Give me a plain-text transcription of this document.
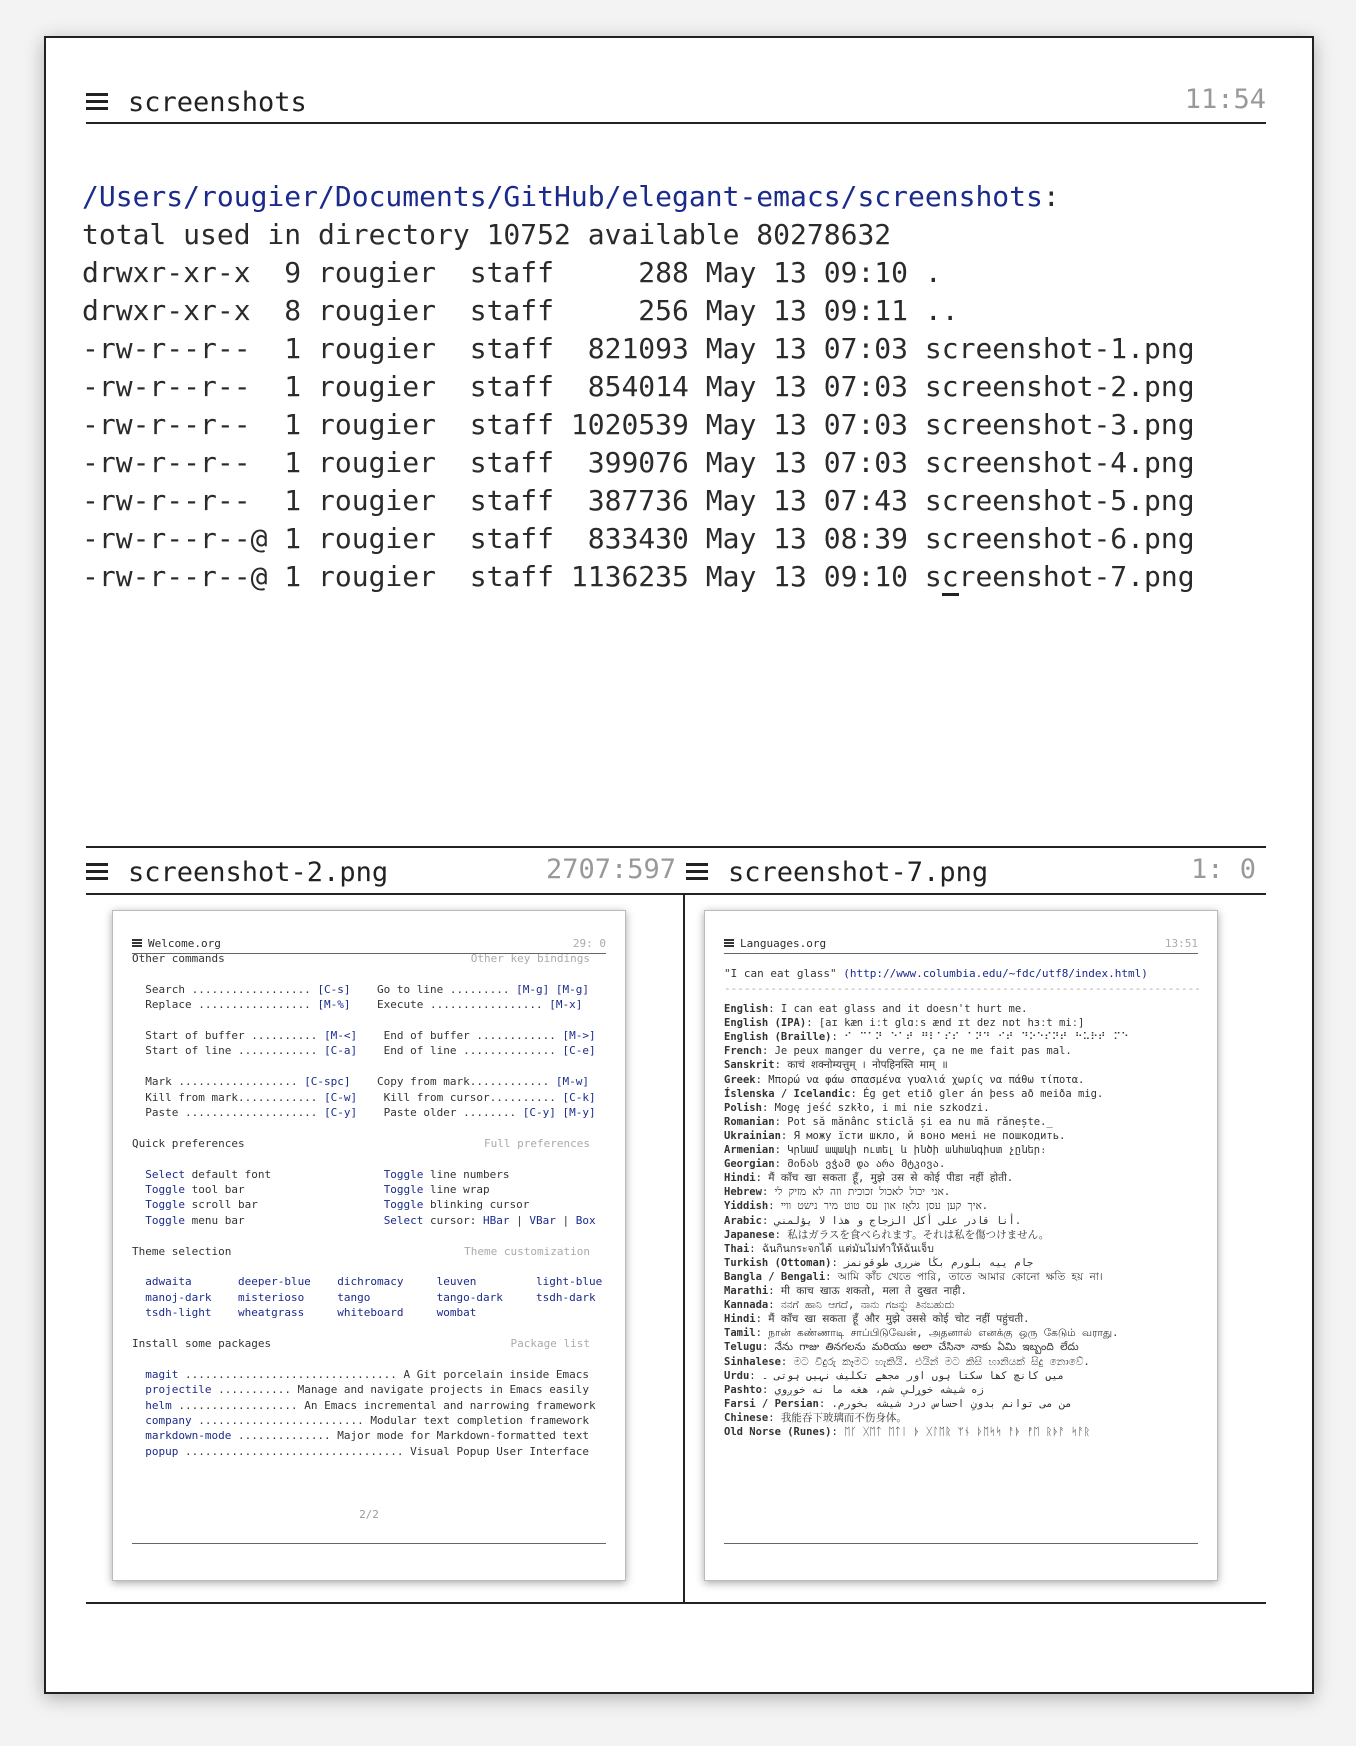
screenshots	11:54

/Users/rougier/Documents/GitHub/elegant-emacs/screenshots:
total used in directory 10752 available 80278632
drwxr-xr-x  9 rougier  staff     288 May 13 09:10 .
drwxr-xr-x  8 rougier  staff     256 May 13 09:11 ..
-rw-r--r--  1 rougier  staff  821093 May 13 07:03 screenshot-1.png
-rw-r--r--  1 rougier  staff  854014 May 13 07:03 screenshot-2.png
-rw-r--r--  1 rougier  staff 1020539 May 13 07:03 screenshot-3.png
-rw-r--r--  1 rougier  staff  399076 May 13 07:03 screenshot-4.png
-rw-r--r--  1 rougier  staff  387736 May 13 07:43 screenshot-5.png
-rw-r--r--@ 1 rougier  staff  833430 May 13 08:39 screenshot-6.png
-rw-r--r--@ 1 rougier  staff 1136235 May 13 09:10 screenshot-7.png

screenshot-2.png	2707:597 screenshot-7.png	1: 0
Welcome.org	29: 0
Other commands	Other key bindings
Search .................. [C-s]    Go to line ......... [M-g] [M-g]
Replace ................. [M-%]    Execute ................. [M-x]
Start of buffer .......... [M-<]    End of buffer ............ [M->]
Start of line ............ [C-a]    End of line .............. [C-e]
Mark .................. [C-spc]    Copy from mark............ [M-w]
Kill from mark............ [C-w]    Kill from cursor.......... [C-k]
Paste .................... [C-y]    Paste older ........ [C-y] [M-y]
Quick preferences	Full preferences
Select default font                 Toggle line numbers
Toggle tool bar                     Toggle line wrap
Toggle scroll bar                   Toggle blinking cursor
Toggle menu bar                     Select cursor: HBar | VBar | Box
Theme selection	Theme customization
adwaita       deeper-blue    dichromacy     leuven         light-blue
manoj-dark    misterioso     tango          tango-dark     tsdh-dark
tsdh-light    wheatgrass     whiteboard     wombat
Install some packages	Package list
magit ................................ A Git porcelain inside Emacs
projectile ........... Manage and navigate projects in Emacs easily
helm .................. An Emacs incremental and narrowing framework
company ......................... Modular text completion framework
markdown-mode .............. Major mode for Markdown-formatted text
popup ................................. Visual Popup User Interface
2/2
Languages.org	13:51
"I can eat glass" (http://www.columbia.edu/~fdc/utf8/index.html)
------------------------------------------------------------------------
English: I can eat glass and it doesn't hurt me.
English (IPA): [aɪ kæn iːt glɑːs ænd ɪt dɐz nɒt hɜːt miː]
English (Braille): ⠊⠀⠉⠁⠝⠀⠑⠁⠞⠀⠛⠇⠁⠎⠎⠀⠁⠝⠙⠀⠊⠞⠀⠙⠕⠑⠎⠝⠞⠀⠓⠥⠗⠞⠀⠍⠑
French: Je peux manger du verre, ça ne me fait pas mal.
Sanskrit: काचं शक्नोम्यत्तुम् । नोपहिनस्ति माम् ॥
Greek: Μπορώ να φάω σπασμένα γυαλιά χωρίς να πάθω τίποτα.
Íslenska / Icelandic: Ég get etið gler án þess að meiða mig.
Polish: Mogę jeść szkło, i mi nie szkodzi.
Romanian: Pot să mănânc sticlă și ea nu mă rănește._
Ukrainian: Я можу їсти шкло, й воно мені не пошкодить.
Armenian: Կրնամ ապակի ուտել և ինծի անհանգիստ չըներ։
Georgian: მინას ვჭამ და არა მტკივა.
Hindi: मैं काँच खा सकता हूँ, मुझे उस से कोई पीडा नहीं होती.
Hebrew: אני יכול לאכול זכוכית וזה לא מזיק לי.
Yiddish: איך קען עסן גלאָז און עס טוט מיר נישט װײ.
Arabic: أنا قادر على أكل الزجاج و هذا لا يؤلمني.
Japanese: 私はガラスを食べられます。それは私を傷つけません。
Thai: ฉันกินกระจกได้ แต่มันไม่ทำให้ฉันเจ็บ
Turkish (Ottoman): جام ييه بلورم بڭا ضررى طوقونمز
Bangla / Bengali: আমি কাঁচ খেতে পারি, তাতে আমার কোনো ক্ষতি হয় না।
Marathi: मी काच खाऊ शकतो, मला ते दुखत नाही.
Kannada: ನನಗೆ ಹಾನಿ ಆಗದೆ, ನಾನು ಗಜನ್ನು ತಿನಬಹುದು
Hindi: मैं काँच खा सकता हूँ और मुझे उससे कोई चोट नहीं पहुंचती.
Tamil: நான் கண்ணாடி சாப்பிடுவேன், அதனால் எனக்கு ஒரு கேடும் வராது.
Telugu: నేను గాజు తినగలను మరియు అలా చేసినా నాకు ఏమి ఇబ్బంది లేదు
Sinhalese: මට වීදුරු කෑමට හැකියි. එයින් මට කිසි හානියක් සිදු නොවේ.
Urdu: میں کانچ کھا سکتا ہوں اور مجھے تکلیف نہیں ہوتی ۔
Pashto: زه شيشه خوړلې شم، هغه ما نه خوږوي
Farsi / Persian: .من می توانم بدونِ احساس درد شيشه بخورم
Chinese: 我能吞下玻璃而不伤身体。
Old Norse (Runes): ᛖᚴ ᚷᛖᛏ ᛖᛏᛁ ᚧ ᚷᛚᛖᚱ ᛘᚾ ᚦᛖᛋᛋ ᚨᚧ ᚡᛖ ᚱᚧᚨ ᛋᚨᚱ
